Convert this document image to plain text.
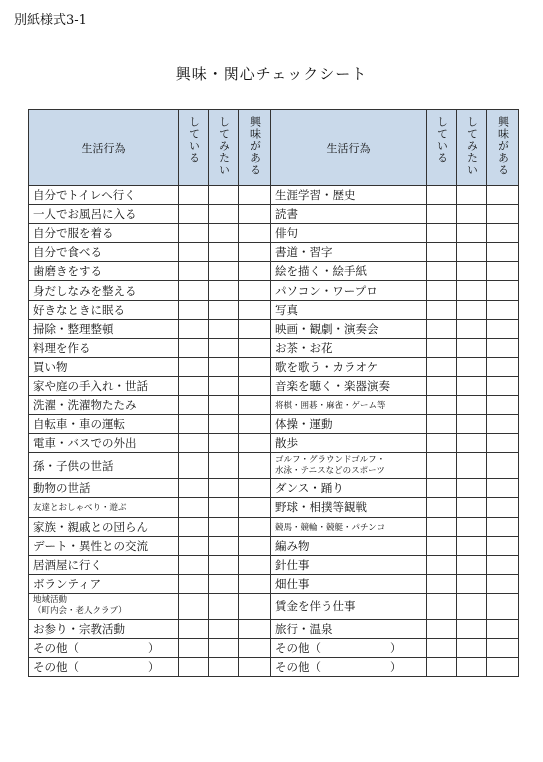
別紙様式3-1
興味・関心チェックシート
生活行為	している	してみたい	興味がある	生活行為	している	してみたい	興味がある

自分でトイレへ行く				生涯学習・歴史			
一人でお風呂に入る				読書			
自分で服を着る				俳句			
自分で食べる				書道・習字			
歯磨きをする				絵を描く・絵手紙			
身だしなみを整える				パソコン・ワープロ			
好きなときに眠る				写真			
掃除・整理整頓				映画・観劇・演奏会			
料理を作る				お茶・お花			
買い物				歌を歌う・カラオケ			
家や庭の手入れ・世話				音楽を聴く・楽器演奏			
洗濯・洗濯物たたみ				将棋・囲碁・麻雀・ゲーム等			
自転車・車の運転				体操・運動			
電車・バスでの外出				散歩			
孫・子供の世話				ゴルフ・グラウンドゴルフ・
水泳・テニスなどのスポーツ			

動物の世話				ダンス・踊り			
友達とおしゃべり・遊ぶ				野球・相撲等観戦			
家族・親戚との団らん				競馬・競輪・競艇・パチンコ			
デート・異性との交流				編み物			
居酒屋に行く				針仕事			
ボランティア				畑仕事			

地域活動
（町内会・老人クラブ）				賃金を伴う仕事			
お参り・宗教活動				旅行・温泉			
その他（　　　　　　）				その他（　　　　　　）			
その他（　　　　　　）				その他（　　　　　　）			
